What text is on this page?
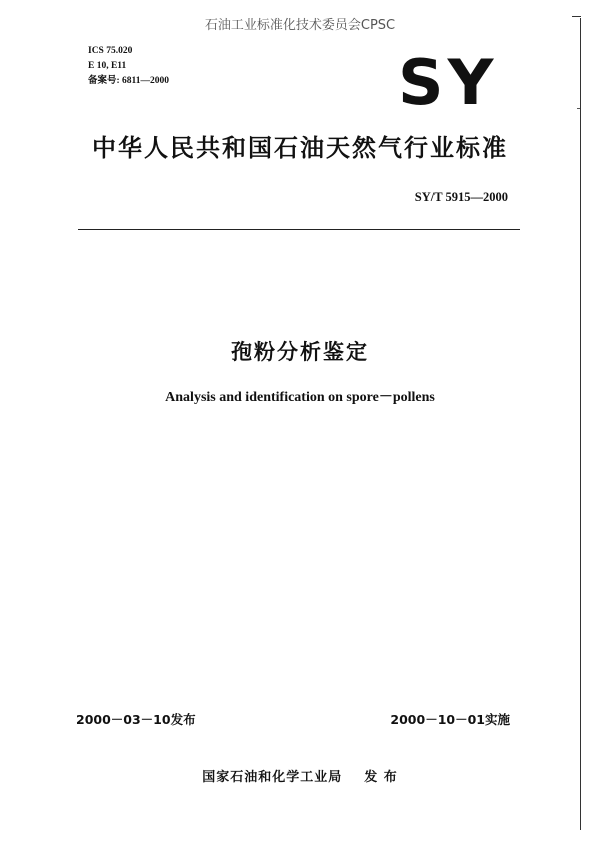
石油工业标准化技术委员会CPSC
ICS 75.020
E 10, E11
备案号: 6811—2000	SY
中华人民共和国石油天然气行业标准
SY/T 5915—2000
孢粉分析鉴定
Analysis and identification on spore－pollens
2000－03－10发布	2000－10－01实施
国家石油和化学工业局 发 布
